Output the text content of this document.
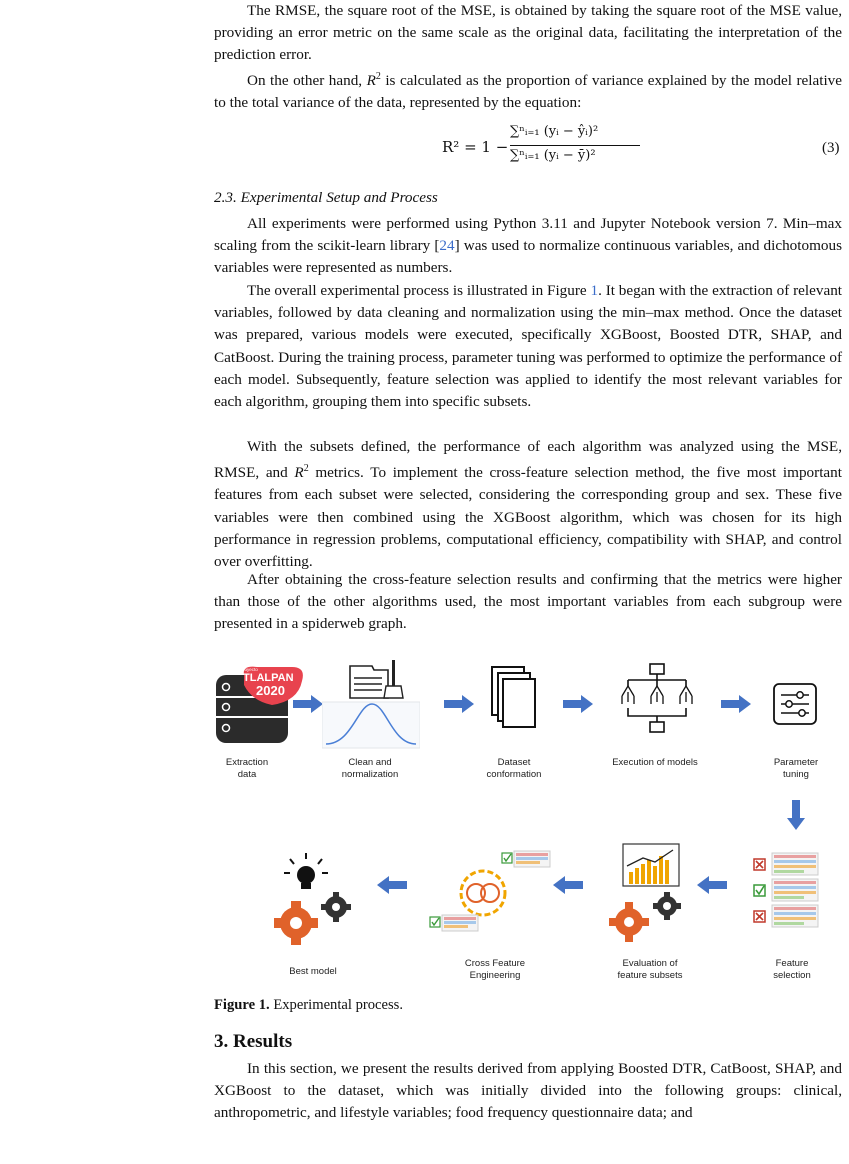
The RMSE, the square root of the MSE, is obtained by taking the square root of the MSE value, providing an error metric on the same scale as the original data, facilitating the interpretation of the prediction error.

On the other hand, $R^2$ is calculated as the proportion of variance explained by the model relative to the total variance of the data, represented by the equation:

R² = 1 −
∑ⁿᵢ₌₁ (yᵢ − ŷᵢ)²
∑ⁿᵢ₌₁ (yᵢ − ȳ)²	(3)
2.3. Experimental Setup and Process

All experiments were performed using Python 3.11 and Jupyter Notebook version 7. Min–max scaling from the scikit-learn library [24] was used to normalize continuous variables, and dichotomous variables were represented as numbers.

The overall experimental process is illustrated in Figure 1. It began with the extraction of relevant variables, followed by data cleaning and normalization using the min–max method. Once the dataset was prepared, various models were executed, specifically XGBoost, Boosted DTR, SHAP, and CatBoost. During the training process, parameter tuning was performed to optimize the performance of each model. Subsequently, feature selection was applied to identify the most relevant variables for each algorithm, grouping them into specific subsets.

With the subsets defined, the performance of each algorithm was analyzed using the MSE, RMSE, and $R^2$ metrics. To implement the cross-feature selection method, the five most important features from each subset were selected, considering the corresponding group and sex. These five variables were then combined using the XGBoost algorithm, which was chosen for its high performance in regression problems, computational efficiency, compatibility with SHAP, and control over overfitting.

After obtaining the cross-feature selection results and confirming that the metrics were higher than those of the other algorithms used, the most important variables from each subgroup were presented in a spiderweb graph.

Proyecto
TLALPAN
2020
Extraction
data
Clean and
normalization
Dataset
conformation
Execution of models	Parameter
tuning
Best model
Cross Feature
Engineering
Evaluation of
feature subsets
Feature
selection
Figure 1. Experimental process.
3. Results

In this section, we present the results derived from applying Boosted DTR, CatBoost, SHAP, and XGBoost to the dataset, which was initially divided into the following groups: clinical, anthropometric, and lifestyle variables; food frequency questionnaire data; and
